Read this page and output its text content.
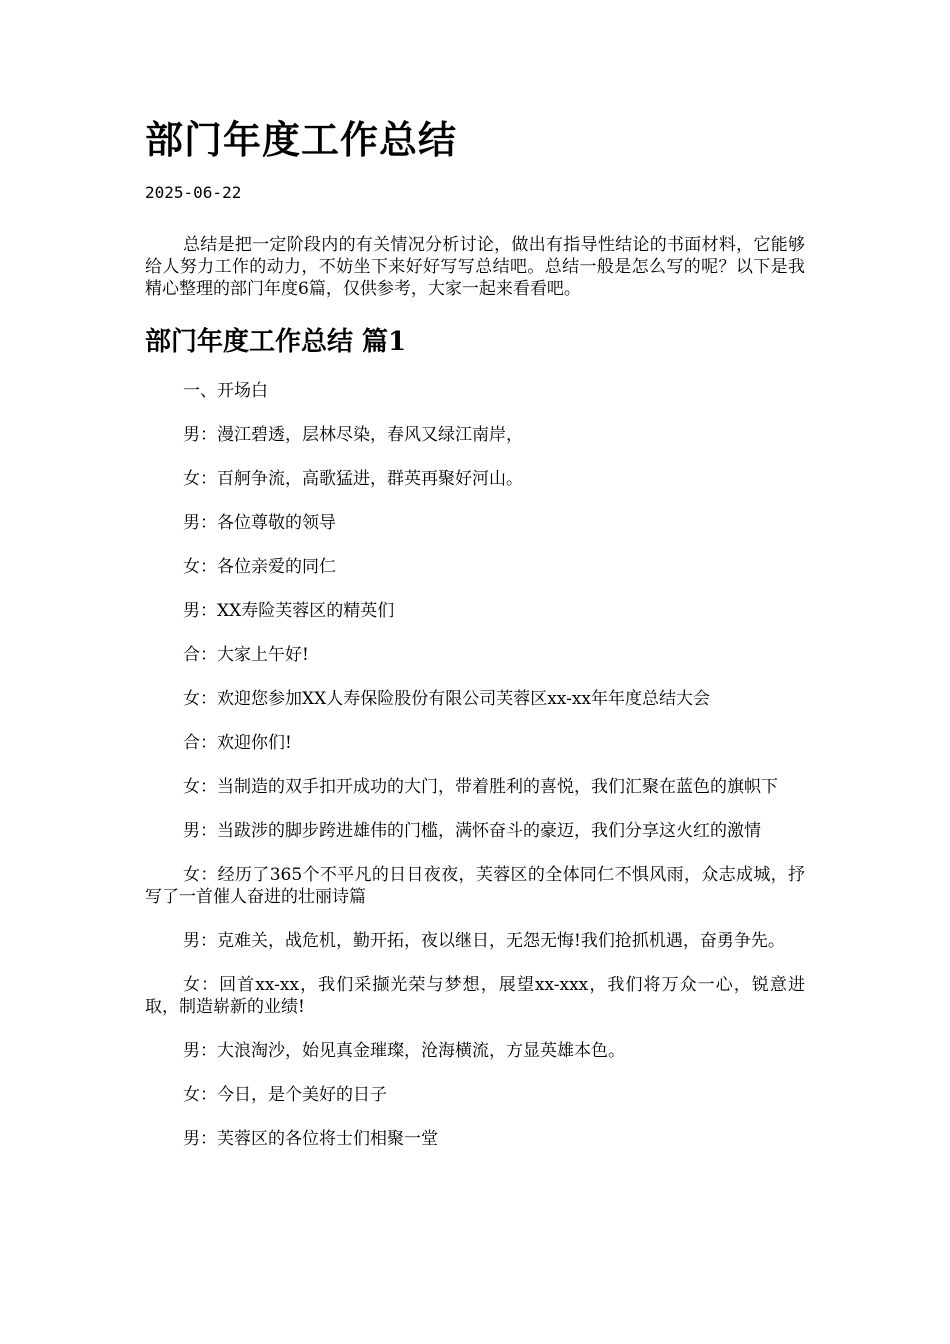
部门年度工作总结
2025-06-22

总结是把一定阶段内的有关情况分析讨论，做出有指导性结论的书面材料，它能够给人努力工作的动力，不妨坐下来好好写写总结吧。总结一般是怎么写的呢？以下是我精心整理的部门年度6篇，仅供参考，大家一起来看看吧。

部门年度工作总结 篇1

一、开场白

男：漫江碧透，层林尽染，春风又绿江南岸，

女：百舸争流，高歌猛进，群英再聚好河山。

男：各位尊敬的领导

女：各位亲爱的同仁

男：XX寿险芙蓉区的精英们

合：大家上午好!

女：欢迎您参加XX人寿保险股份有限公司芙蓉区xx-xx年年度总结大会

合：欢迎你们!

女：当制造的双手扣开成功的大门，带着胜利的喜悦，我们汇聚在蓝色的旗帜下

男：当跋涉的脚步跨进雄伟的门槛，满怀奋斗的豪迈，我们分享这火红的激情

女：经历了365个不平凡的日日夜夜，芙蓉区的全体同仁不惧风雨，众志成城，抒写了一首催人奋进的壮丽诗篇

男：克难关，战危机，勤开拓，夜以继日，无怨无悔!我们抢抓机遇，奋勇争先。

女：回首xx-xx，我们采撷光荣与梦想，展望xx-xxx，我们将万众一心，锐意进取，制造崭新的业绩!

男：大浪淘沙，始见真金璀璨，沧海横流，方显英雄本色。

女：今日，是个美好的日子

男：芙蓉区的各位将士们相聚一堂
